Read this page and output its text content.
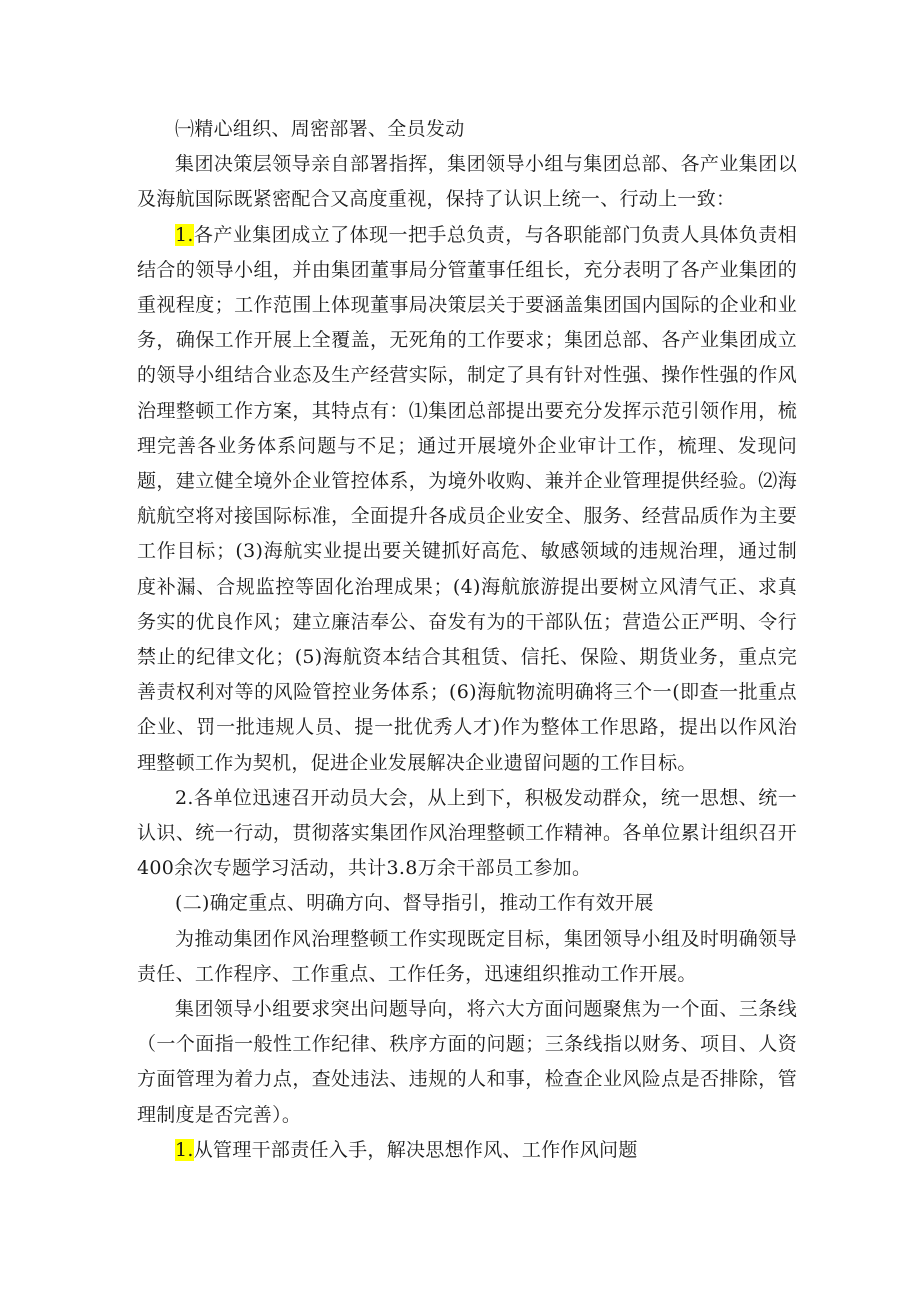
㈠精心组织、周密部署、全员发动

集团决策层领导亲自部署指挥，集团领导小组与集团总部、各产业集团以及海航国际既紧密配合又高度重视，保持了认识上统一、行动上一致：

1.各产业集团成立了体现一把手总负责，与各职能部门负责人具体负责相结合的领导小组，并由集团董事局分管董事任组长，充分表明了各产业集团的重视程度；工作范围上体现董事局决策层关于要涵盖集团国内国际的企业和业务，确保工作开展上全覆盖，无死角的工作要求；集团总部、各产业集团成立的领导小组结合业态及生产经营实际，制定了具有针对性强、操作性强的作风治理整顿工作方案，其特点有：⑴集团总部提出要充分发挥示范引领作用，梳理完善各业务体系问题与不足；通过开展境外企业审计工作，梳理、发现问题，建立健全境外企业管控体系，为境外收购、兼并企业管理提供经验。⑵海航航空将对接国际标准，全面提升各成员企业安全、服务、经营品质作为主要工作目标；(3)海航实业提出要关键抓好高危、敏感领域的违规治理，通过制度补漏、合规监控等固化治理成果；(4)海航旅游提出要树立风清气正、求真务实的优良作风；建立廉洁奉公、奋发有为的干部队伍；营造公正严明、令行禁止的纪律文化；(5)海航资本结合其租赁、信托、保险、期货业务，重点完善责权利对等的风险管控业务体系；(6)海航物流明确将三个一(即查一批重点企业、罚一批违规人员、提一批优秀人才)作为整体工作思路，提出以作风治理整顿工作为契机，促进企业发展解决企业遗留问题的工作目标。

2.各单位迅速召开动员大会，从上到下，积极发动群众，统一思想、统一认识、统一行动，贯彻落实集团作风治理整顿工作精神。各单位累计组织召开400余次专题学习活动，共计3.8万余干部员工参加。

(二)确定重点、明确方向、督导指引，推动工作有效开展

为推动集团作风治理整顿工作实现既定目标，集团领导小组及时明确领导责任、工作程序、工作重点、工作任务，迅速组织推动工作开展。

集团领导小组要求突出问题导向，将六大方面问题聚焦为一个面、三条线（一个面指一般性工作纪律、秩序方面的问题；三条线指以财务、项目、人资方面管理为着力点，查处违法、违规的人和事，检查企业风险点是否排除，管理制度是否完善）。

1.从管理干部责任入手，解决思想作风、工作作风问题
